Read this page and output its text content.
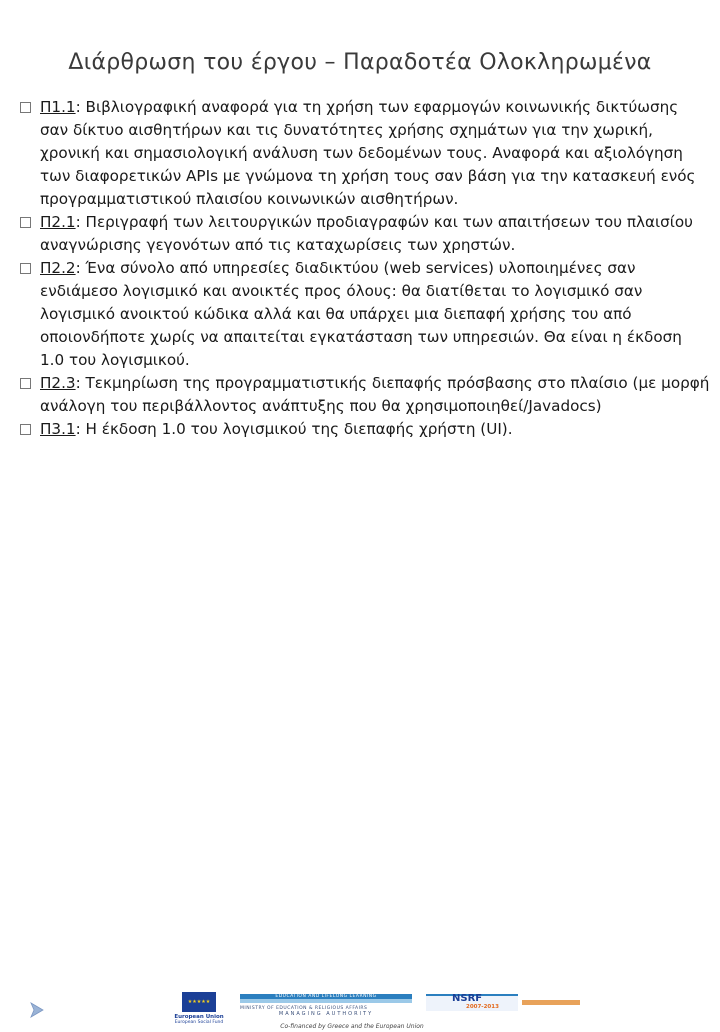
Διάρθρωση του έργου – Παραδοτέα Ολοκληρωμένα
Π1.1: Βιβλιογραφική αναφορά για τη χρήση των εφαρμογών κοινωνικής δικτύωσης σαν δίκτυο αισθητήρων και τις δυνατότητες χρήσης σχημάτων για την χωρική, χρονική και σημασιολογική ανάλυση των δεδομένων τους. Αναφορά και αξιολόγηση των διαφορετικών APIs με γνώμονα τη χρήση τους σαν βάση για την κατασκευή ενός προγραμματιστικού πλαισίου κοινωνικών αισθητήρων.
Π2.1: Περιγραφή των λειτουργικών προδιαγραφών και των απαιτήσεων του πλαισίου αναγνώρισης γεγονότων από τις καταχωρίσεις των χρηστών.
Π2.2: Ένα σύνολο από υπηρεσίες διαδικτύου (web services) υλοποιημένες σαν ενδιάμεσο λογισμικό και ανοικτές προς όλους: θα διατίθεται το λογισμικό σαν λογισμικό ανοικτού κώδικα αλλά και θα υπάρχει μια διεπαφή χρήσης του από οποιονδήποτε χωρίς να απαιτείται εγκατάσταση των υπηρεσιών. Θα είναι η έκδοση 1.0 του λογισμικού.
Π2.3: Τεκμηρίωση της προγραμματιστικής διεπαφής πρόσβασης στο πλαίσιο (με μορφή ανάλογη του περιβάλλοντος ανάπτυξης που θα χρησιμοποιηθεί/Javadocs)
Π3.1: Η έκδοση 1.0 του λογισμικού της διεπαφής χρήστη (UI).
★★★★★
European Union
European Social Fund
EDUCATION AND LIFELONG LEARNING
MINISTRY OF EDUCATION & RELIGIOUS AFFAIRS
MANAGING AUTHORITY
NSRF
2007-2013
Co-financed by Greece and the European Union
